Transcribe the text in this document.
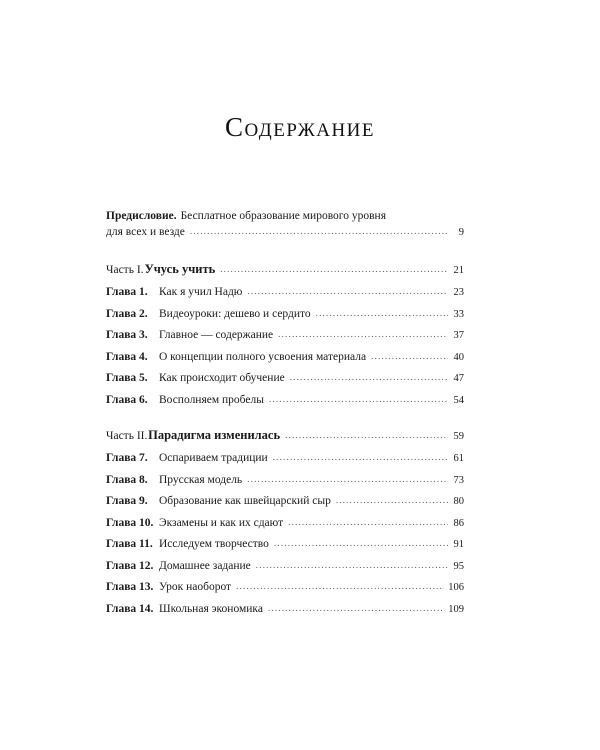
Содержание
Предисловие. Бесплатное образование мирового уровня
для всех и везде .....	9
Часть I. Учусь учить .....	21
Глава 1. Как я учил Надю .....	23
Глава 2. Видеоуроки: дешево и сердито .....	33
Глава 3. Главное — содержание .....	37
Глава 4. О концепции полного усвоения материала .....	40
Глава 5. Как происходит обучение .....	47
Глава 6. Восполняем пробелы .....	54
Часть II. Парадигма изменилась .....	59
Глава 7. Оспариваем традиции .....	61
Глава 8. Прусская модель .....	73
Глава 9. Образование как швейцарский сыр .....	80
Глава 10. Экзамены и как их сдают .....	86
Глава 11. Исследуем творчество .....	91
Глава 12. Домашнее задание .....	95
Глава 13. Урок наоборот .....	106
Глава 14. Школьная экономика .....	109
